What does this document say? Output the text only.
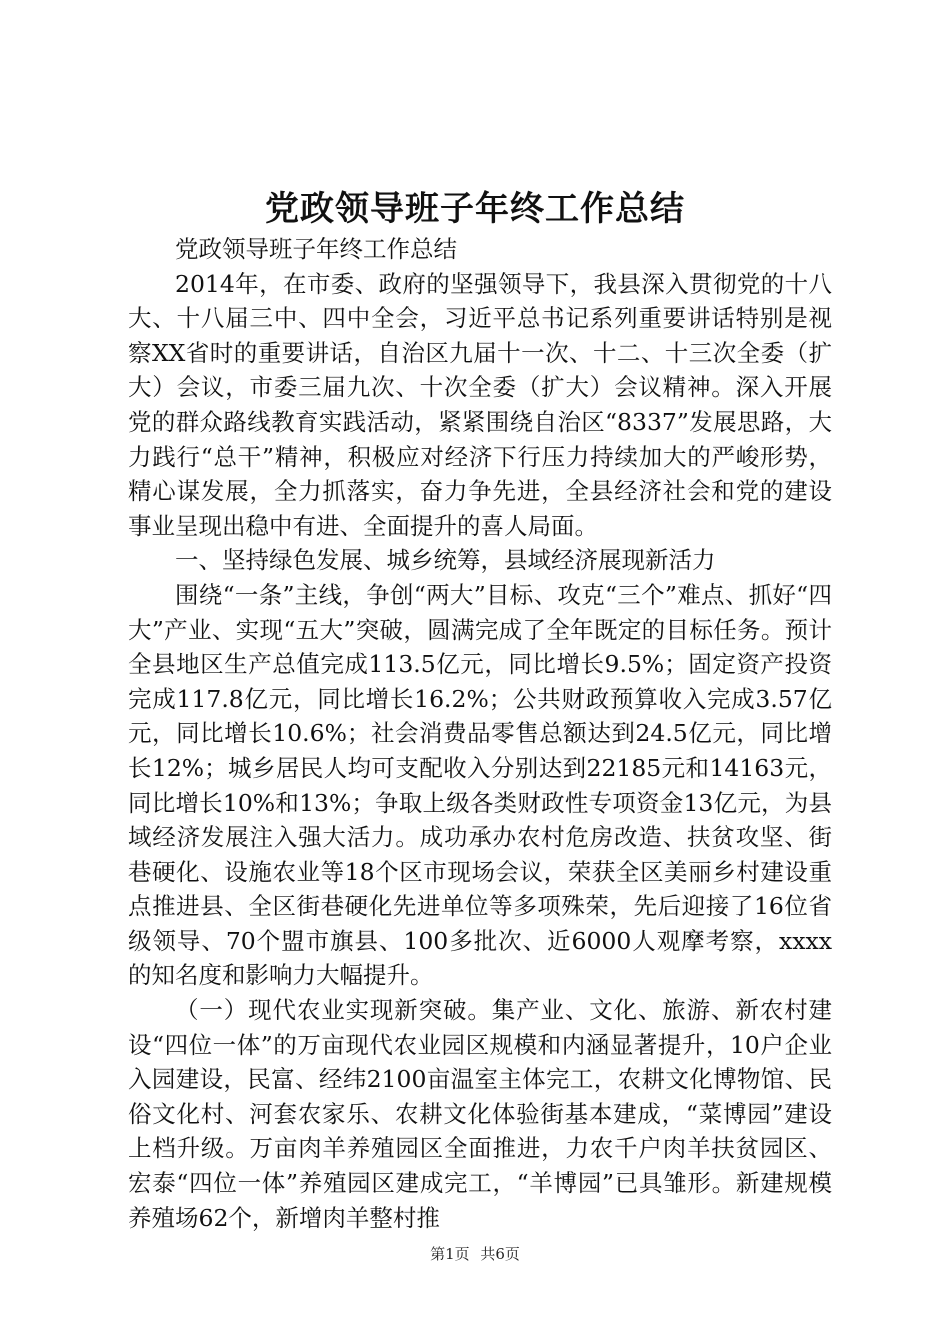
党政领导班子年终工作总结

党政领导班子年终工作总结

2014年，在市委、政府的坚强领导下，我县深入贯彻党的十八大、十八届三中、四中全会，习近平总书记系列重要讲话特别是视察XX省时的重要讲话，自治区九届十一次、十二、十三次全委（扩大）会议，市委三届九次、十次全委（扩大）会议精神。深入开展党的群众路线教育实践活动，紧紧围绕自治区“8337”发展思路，大力践行“总干”精神，积极应对经济下行压力持续加大的严峻形势，精心谋发展，全力抓落实，奋力争先进，全县经济社会和党的建设事业呈现出稳中有进、全面提升的喜人局面。

一、坚持绿色发展、城乡统筹，县域经济展现新活力

围绕“一条”主线，争创“两大”目标、攻克“三个”难点、抓好“四大”产业、实现“五大”突破，圆满完成了全年既定的目标任务。预计全县地区生产总值完成113.5亿元，同比增长9.5%；固定资产投资完成117.8亿元，同比增长16.2%；公共财政预算收入完成3.57亿元，同比增长10.6%；社会消费品零售总额达到24.5亿元，同比增长12%；城乡居民人均可支配收入分别达到22185元和14163元，同比增长10%和13%；争取上级各类财政性专项资金13亿元，为县域经济发展注入强大活力。成功承办农村危房改造、扶贫攻坚、街巷硬化、设施农业等18个区市现场会议，荣获全区美丽乡村建设重点推进县、全区街巷硬化先进单位等多项殊荣，先后迎接了16位省级领导、70个盟市旗县、100多批次、近6000人观摩考察，xxxx的知名度和影响力大幅提升。

（一）现代农业实现新突破。集产业、文化、旅游、新农村建设“四位一体”的万亩现代农业园区规模和内涵显著提升，10户企业入园建设，民富、经纬2100亩温室主体完工，农耕文化博物馆、民俗文化村、河套农家乐、农耕文化体验街基本建成，“菜博园”建设上档升级。万亩肉羊养殖园区全面推进，力农千户肉羊扶贫园区、宏泰“四位一体”养殖园区建成完工，“羊博园”已具雏形。新建规模养殖场62个，新增肉羊整村推

第1页 共6页
